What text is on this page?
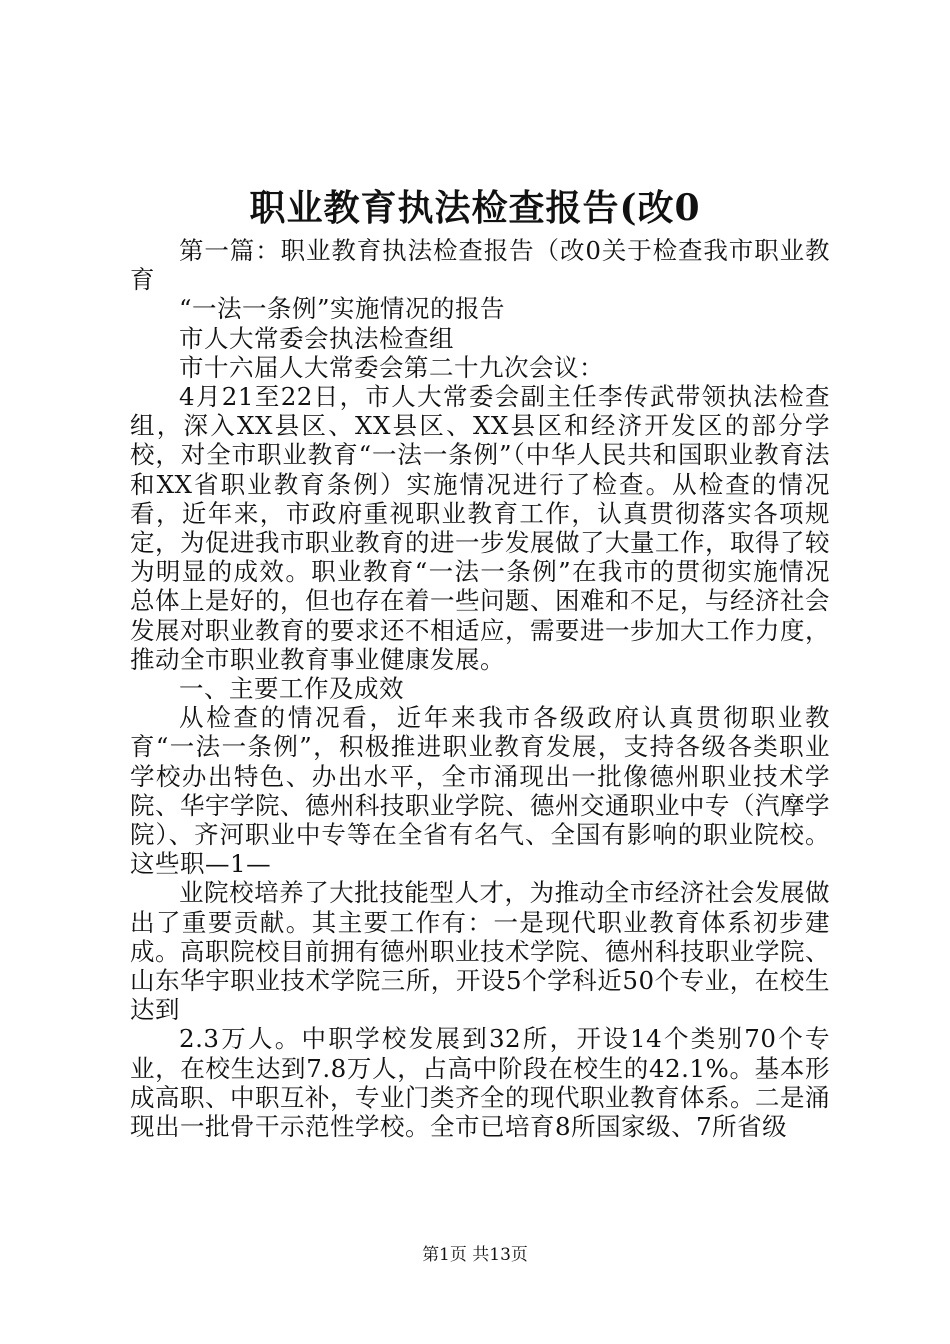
职业教育执法检查报告(改0

第一篇：职业教育执法检查报告（改0关于检查我市职业教育

“一法一条例”实施情况的报告

市人大常委会执法检查组

市十六届人大常委会第二十九次会议：

4月21至22日，市人大常委会副主任李传武带领执法检查组，深入XX县区、XX县区、XX县区和经济开发区的部分学校，对全市职业教育“一法一条例”（中华人民共和国职业教育法和XX省职业教育条例）实施情况进行了检查。从检查的情况看，近年来，市政府重视职业教育工作，认真贯彻落实各项规定，为促进我市职业教育的进一步发展做了大量工作，取得了较为明显的成效。职业教育“一法一条例”在我市的贯彻实施情况总体上是好的，但也存在着一些问题、困难和不足，与经济社会发展对职业教育的要求还不相适应，需要进一步加大工作力度，推动全市职业教育事业健康发展。

一、主要工作及成效

从检查的情况看，近年来我市各级政府认真贯彻职业教育“一法一条例”，积极推进职业教育发展，支持各级各类职业学校办出特色、办出水平，全市涌现出一批像德州职业技术学院、华宇学院、德州科技职业学院、德州交通职业中专（汽摩学院）、齐河职业中专等在全省有名气、全国有影响的职业院校。这些职—1—

业院校培养了大批技能型人才，为推动全市经济社会发展做出了重要贡献。其主要工作有：一是现代职业教育体系初步建成。高职院校目前拥有德州职业技术学院、德州科技职业学院、山东华宇职业技术学院三所，开设5个学科近50个专业，在校生达到

2.3万人。中职学校发展到32所，开设14个类别70个专业，在校生达到7.8万人，占高中阶段在校生的42.1%。基本形成高职、中职互补，专业门类齐全的现代职业教育体系。二是涌现出一批骨干示范性学校。全市已培育8所国家级、7所省级

第1页 共13页
